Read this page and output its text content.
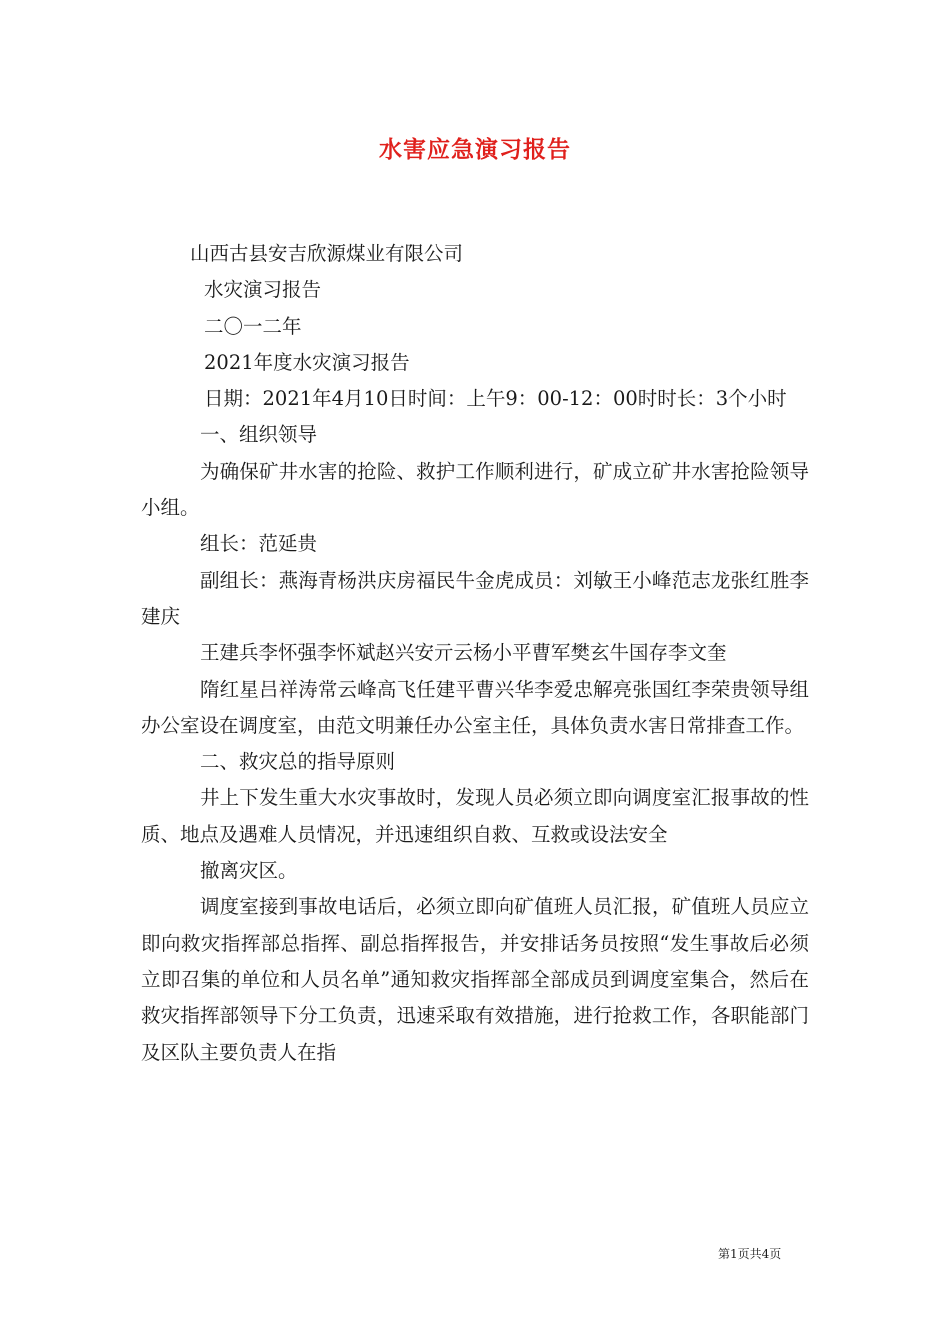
水害应急演习报告

山西古县安吉欣源煤业有限公司

水灾演习报告

二〇一二年

2021年度水灾演习报告

日期：2021年4月10日时间：上午9：00-12：00时时长：3个小时

一、组织领导

为确保矿井水害的抢险、救护工作顺利进行，矿成立矿井水害抢险领导小组。

组长：范延贵

副组长：燕海青杨洪庆房福民牛金虎成员：刘敏王小峰范志龙张红胜李建庆

王建兵李怀强李怀斌赵兴安亓云杨小平曹军樊玄牛国存李文奎

隋红星吕祥涛常云峰高飞任建平曹兴华李爱忠解亮张国红李荣贵领导组办公室设在调度室，由范文明兼任办公室主任，具体负责水害日常排查工作。

二、救灾总的指导原则

井上下发生重大水灾事故时，发现人员必须立即向调度室汇报事故的性质、地点及遇难人员情况，并迅速组织自救、互救或设法安全

撤离灾区。

调度室接到事故电话后，必须立即向矿值班人员汇报，矿值班人员应立即向救灾指挥部总指挥、副总指挥报告，并安排话务员按照“发生事故后必须立即召集的单位和人员名单”通知救灾指挥部全部成员到调度室集合，然后在救灾指挥部领导下分工负责，迅速采取有效措施，进行抢救工作，各职能部门及区队主要负责人在指

第1页共4页
